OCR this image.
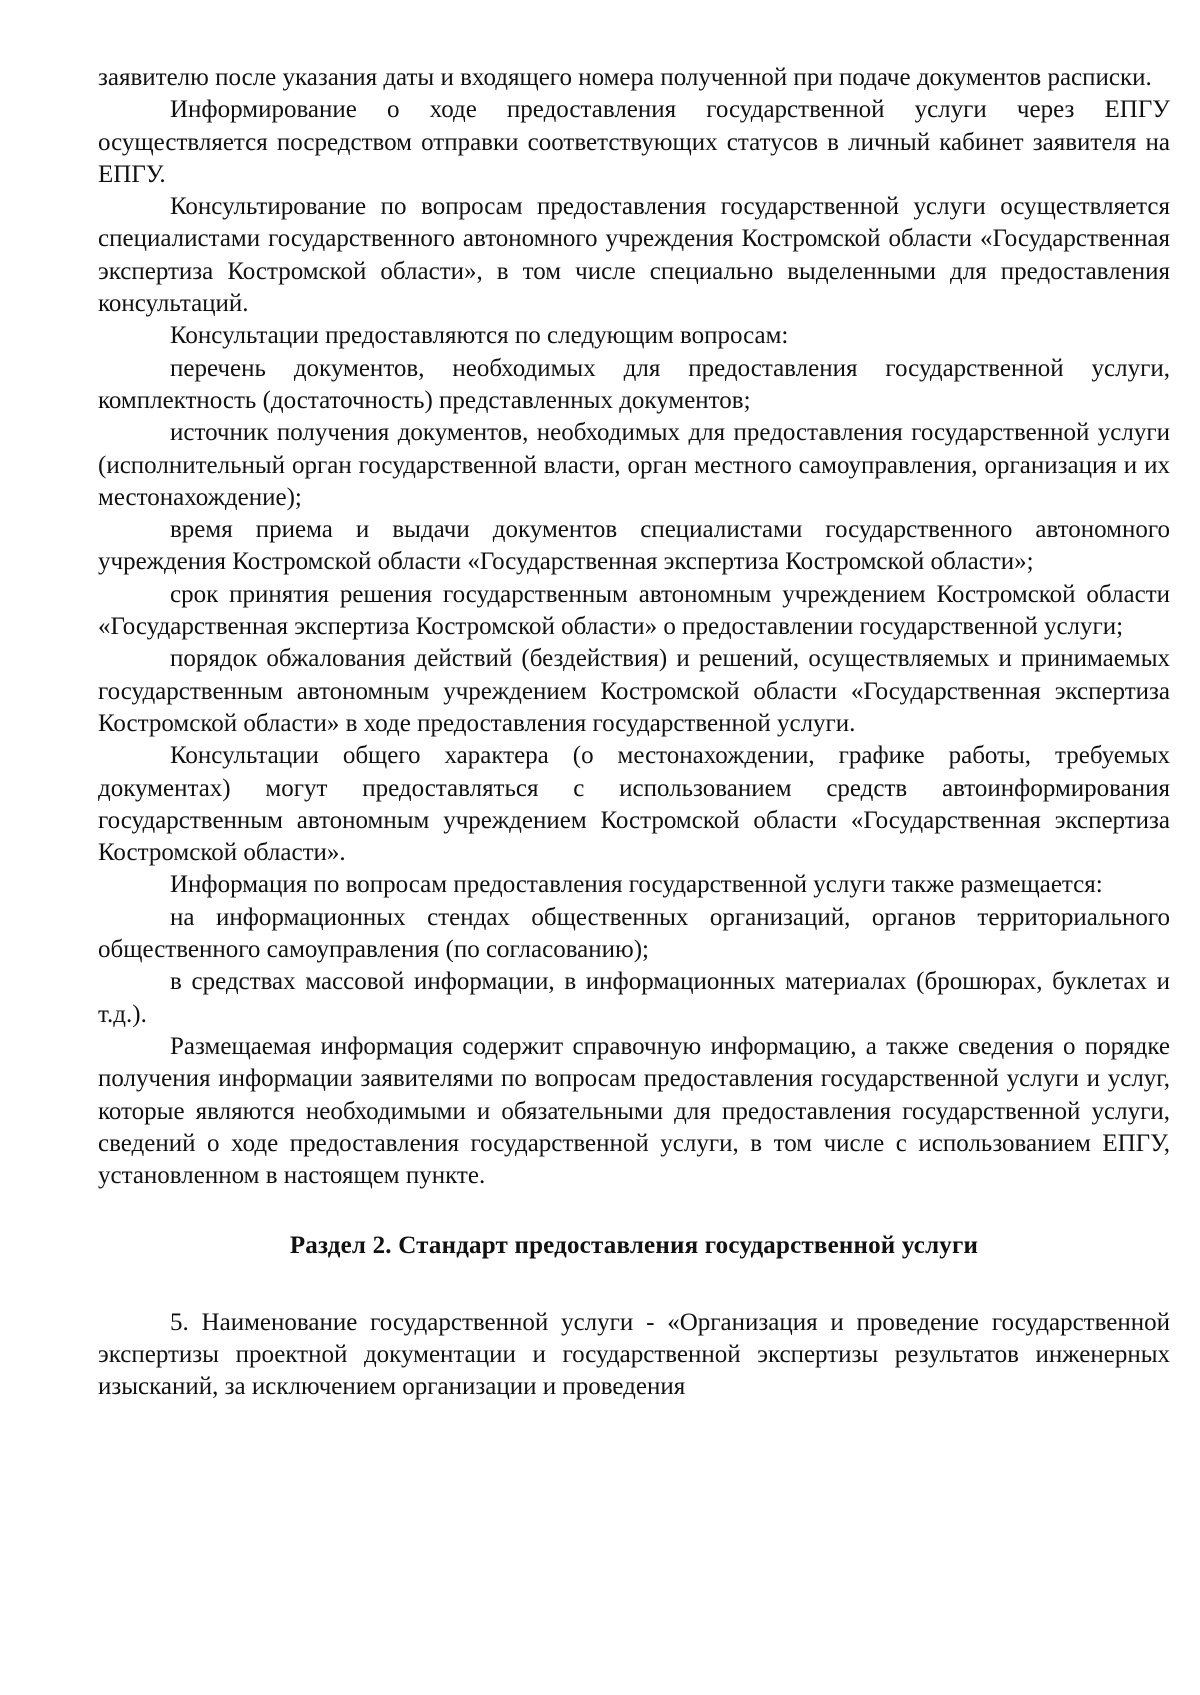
заявителю после указания даты и входящего номера полученной при подаче документов расписки.

Информирование о ходе предоставления государственной услуги через ЕПГУ осуществляется посредством отправки соответствующих статусов в личный кабинет заявителя на ЕПГУ.

Консультирование по вопросам предоставления государственной услуги осуществляется специалистами государственного автономного учреждения Костромской области «Государственная экспертиза Костромской области», в том числе специально выделенными для предоставления консультаций.

Консультации предоставляются по следующим вопросам:

перечень документов, необходимых для предоставления государственной услуги, комплектность (достаточность) представленных документов;

источник получения документов, необходимых для предоставления государственной услуги (исполнительный орган государственной власти, орган местного самоуправления, организация и их местонахождение);

время приема и выдачи документов специалистами государственного автономного учреждения Костромской области «Государственная экспертиза Костромской области»;

срок принятия решения государственным автономным учреждением Костромской области «Государственная экспертиза Костромской области» о предоставлении государственной услуги;

порядок обжалования действий (бездействия) и решений, осуществляемых и принимаемых государственным автономным учреждением Костромской области «Государственная экспертиза Костромской области» в ходе предоставления государственной услуги.

Консультации общего характера (о местонахождении, графике работы, требуемых документах) могут предоставляться с использованием средств автоинформирования государственным автономным учреждением Костромской области «Государственная экспертиза Костромской области».

Информация по вопросам предоставления государственной услуги также размещается:

на информационных стендах общественных организаций, органов территориального общественного самоуправления (по согласованию);

в средствах массовой информации, в информационных материалах (брошюрах, буклетах и т.д.).

Размещаемая информация содержит справочную информацию, а также сведения о порядке получения информации заявителями по вопросам предоставления государственной услуги и услуг, которые являются необходимыми и обязательными для предоставления государственной услуги, сведений о ходе предоставления государственной услуги, в том числе с использованием ЕПГУ, установленном в настоящем пункте.

Раздел 2. Стандарт предоставления государственной услуги

5. Наименование государственной услуги - «Организация и проведение государственной экспертизы проектной документации и государственной экспертизы результатов инженерных изысканий, за исключением организации и проведения
